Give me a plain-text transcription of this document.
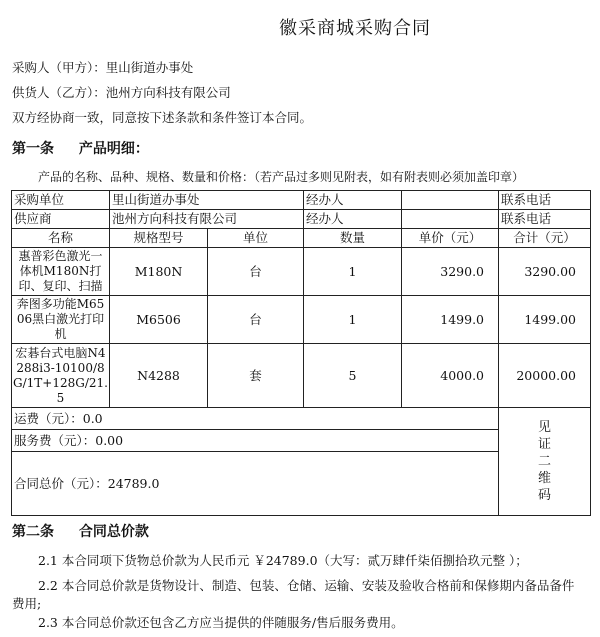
徽采商城采购合同
采购人（甲方）：里山街道办事处
供货人（乙方）：池州方向科技有限公司
双方经协商一致，同意按下述条款和条件签订本合同。
第一条 产品明细：
产品的名称、品种、规格、数量和价格：（若产品过多则见附表，如有附表则必须加盖印章）
采购单位	里山街道办事处		经办人		联系电话
供应商	池州方向科技有限公司		经办人		联系电话
名称	规格型号	单位	数量	单价（元）	合计（元）
惠普彩色激光一体机M180N打印、复印、扫描	M180N	台	1	3290.0	3290.00
奔图多功能M6506黑白激光打印机	M6506	台	1	1499.0	1499.00
宏碁台式电脑N4288i3-10100/8G/1T+128G/21.5	N4288	套	5	4000.0	20000.00
运费（元）：0.0					见证二维码

服务费（元）：0.00					
合同总价（元）：24789.0					
第二条 合同总价款
2.1 本合同项下货物总价款为人民币元 ￥24789.0（大写：贰万肆仟柒佰捌拾玖元整 ）；
2.2 本合同总价款是货物设计、制造、包装、仓储、运输、安装及验收合格前和保修期内备品备件
费用;
2.3 本合同总价款还包含乙方应当提供的伴随服务/售后服务费用。
